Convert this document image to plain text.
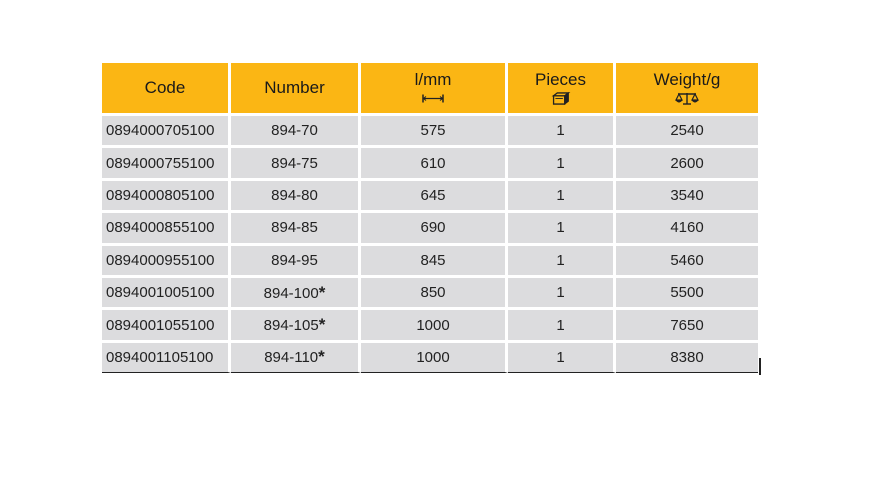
Code	Number	l/mm	Pieces	Weight/g

0894000705100	894-70	575	1	2540
0894000755100	894-75	610	1	2600
0894000805100	894-80	645	1	3540
0894000855100	894-85	690	1	4160
0894000955100	894-95	845	1	5460
0894001005100	894-100*	850	1	5500
0894001055100	894-105*	1000	1	7650
0894001105100	894-110*	1000	1	8380
